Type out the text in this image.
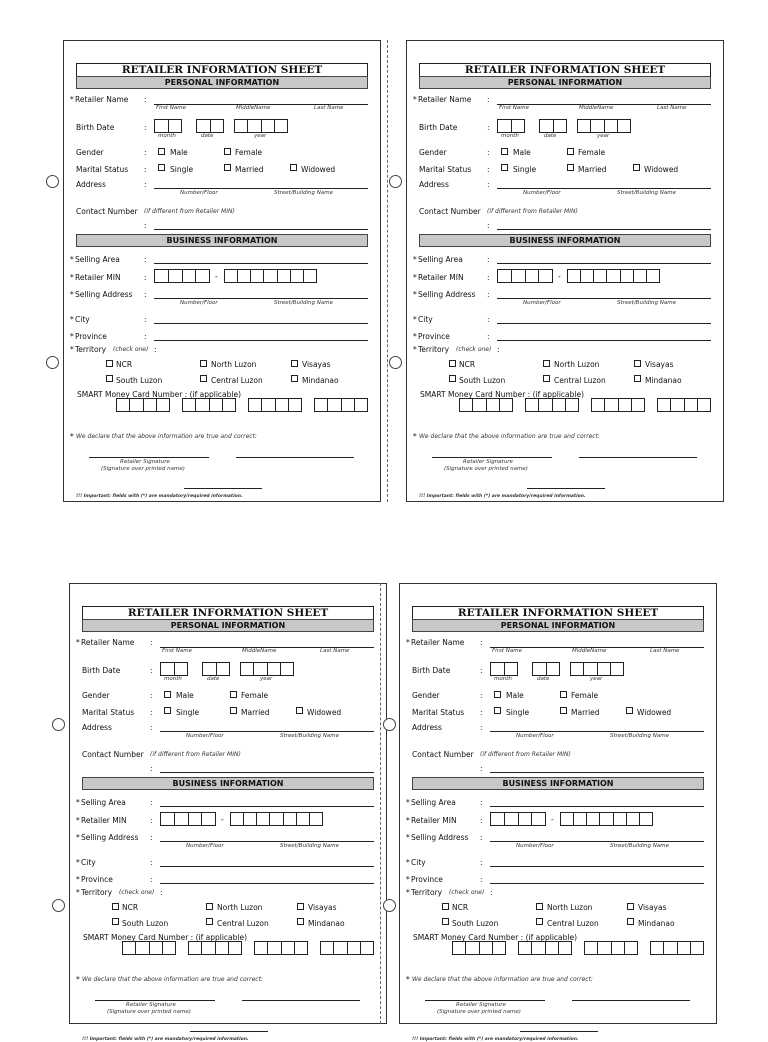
RETAILER INFORMATION SHEET
PERSONAL INFORMATION
* Retailer Name :
First Name	MiddleName	Last Name
Birth Date	:
month	date	year
Gender	:	Male	Female
Marital Status :	Single	Married	Widowed
Address	:
Number/Floor	Street/Building Name
Contact Number (if different from Retailer MIN)
:
BUSINESS INFORMATION
* Selling Area	:
* Retailer MIN	:	-
* Selling Address :
Number/Floor	Street/Building Name
* City	:
* Province	:
* Territory (check one) :
NCR	North Luzon	Visayas
South Luzon	Central Luzon	Mindanao
SMART Money Card Number : (if applicable)
* We declare that the above information are true and correct:
Retailer Signature
(Signature over printed name)
!!! Important: fields with (*) are mandatory/required information.
RETAILER INFORMATION SHEET
PERSONAL INFORMATION
* Retailer Name :
First Name	MiddleName	Last Name
Birth Date	:
month	date	year
Gender	:	Male	Female
Marital Status :	Single	Married	Widowed
Address	:
Number/Floor	Street/Building Name
Contact Number (if different from Retailer MIN)
:
BUSINESS INFORMATION
* Selling Area	:
* Retailer MIN	:	-
* Selling Address :
Number/Floor	Street/Building Name
* City	:
* Province	:
* Territory (check one) :
NCR	North Luzon	Visayas
South Luzon	Central Luzon	Mindanao
SMART Money Card Number : (if applicable)
* We declare that the above information are true and correct:
Retailer Signature
(Signature over printed name)
!!! Important: fields with (*) are mandatory/required information.
RETAILER INFORMATION SHEET
PERSONAL INFORMATION
* Retailer Name :
First Name	MiddleName	Last Name
Birth Date	:
month	date	year
Gender	:	Male	Female
Marital Status :	Single	Married	Widowed
Address	:
Number/Floor	Street/Building Name
Contact Number (if different from Retailer MIN)
:
BUSINESS INFORMATION
* Selling Area	:
* Retailer MIN	:	-
* Selling Address :
Number/Floor	Street/Building Name
* City	:
* Province	:
* Territory (check one) :
NCR	North Luzon	Visayas
South Luzon	Central Luzon	Mindanao
SMART Money Card Number : (if applicable)
* We declare that the above information are true and correct:
Retailer Signature
(Signature over printed name)
!!! Important: fields with (*) are mandatory/required information.
RETAILER INFORMATION SHEET
PERSONAL INFORMATION
* Retailer Name :
First Name	MiddleName	Last Name
Birth Date	:
month	date	year
Gender	:	Male	Female
Marital Status :	Single	Married	Widowed
Address	:
Number/Floor	Street/Building Name
Contact Number (if different from Retailer MIN)
:
BUSINESS INFORMATION
* Selling Area	:
* Retailer MIN	:	-
* Selling Address :
Number/Floor	Street/Building Name
* City	:
* Province	:
* Territory (check one) :
NCR	North Luzon	Visayas
South Luzon	Central Luzon	Mindanao
SMART Money Card Number : (if applicable)
* We declare that the above information are true and correct:
Retailer Signature
(Signature over printed name)
!!! Important: fields with (*) are mandatory/required information.
